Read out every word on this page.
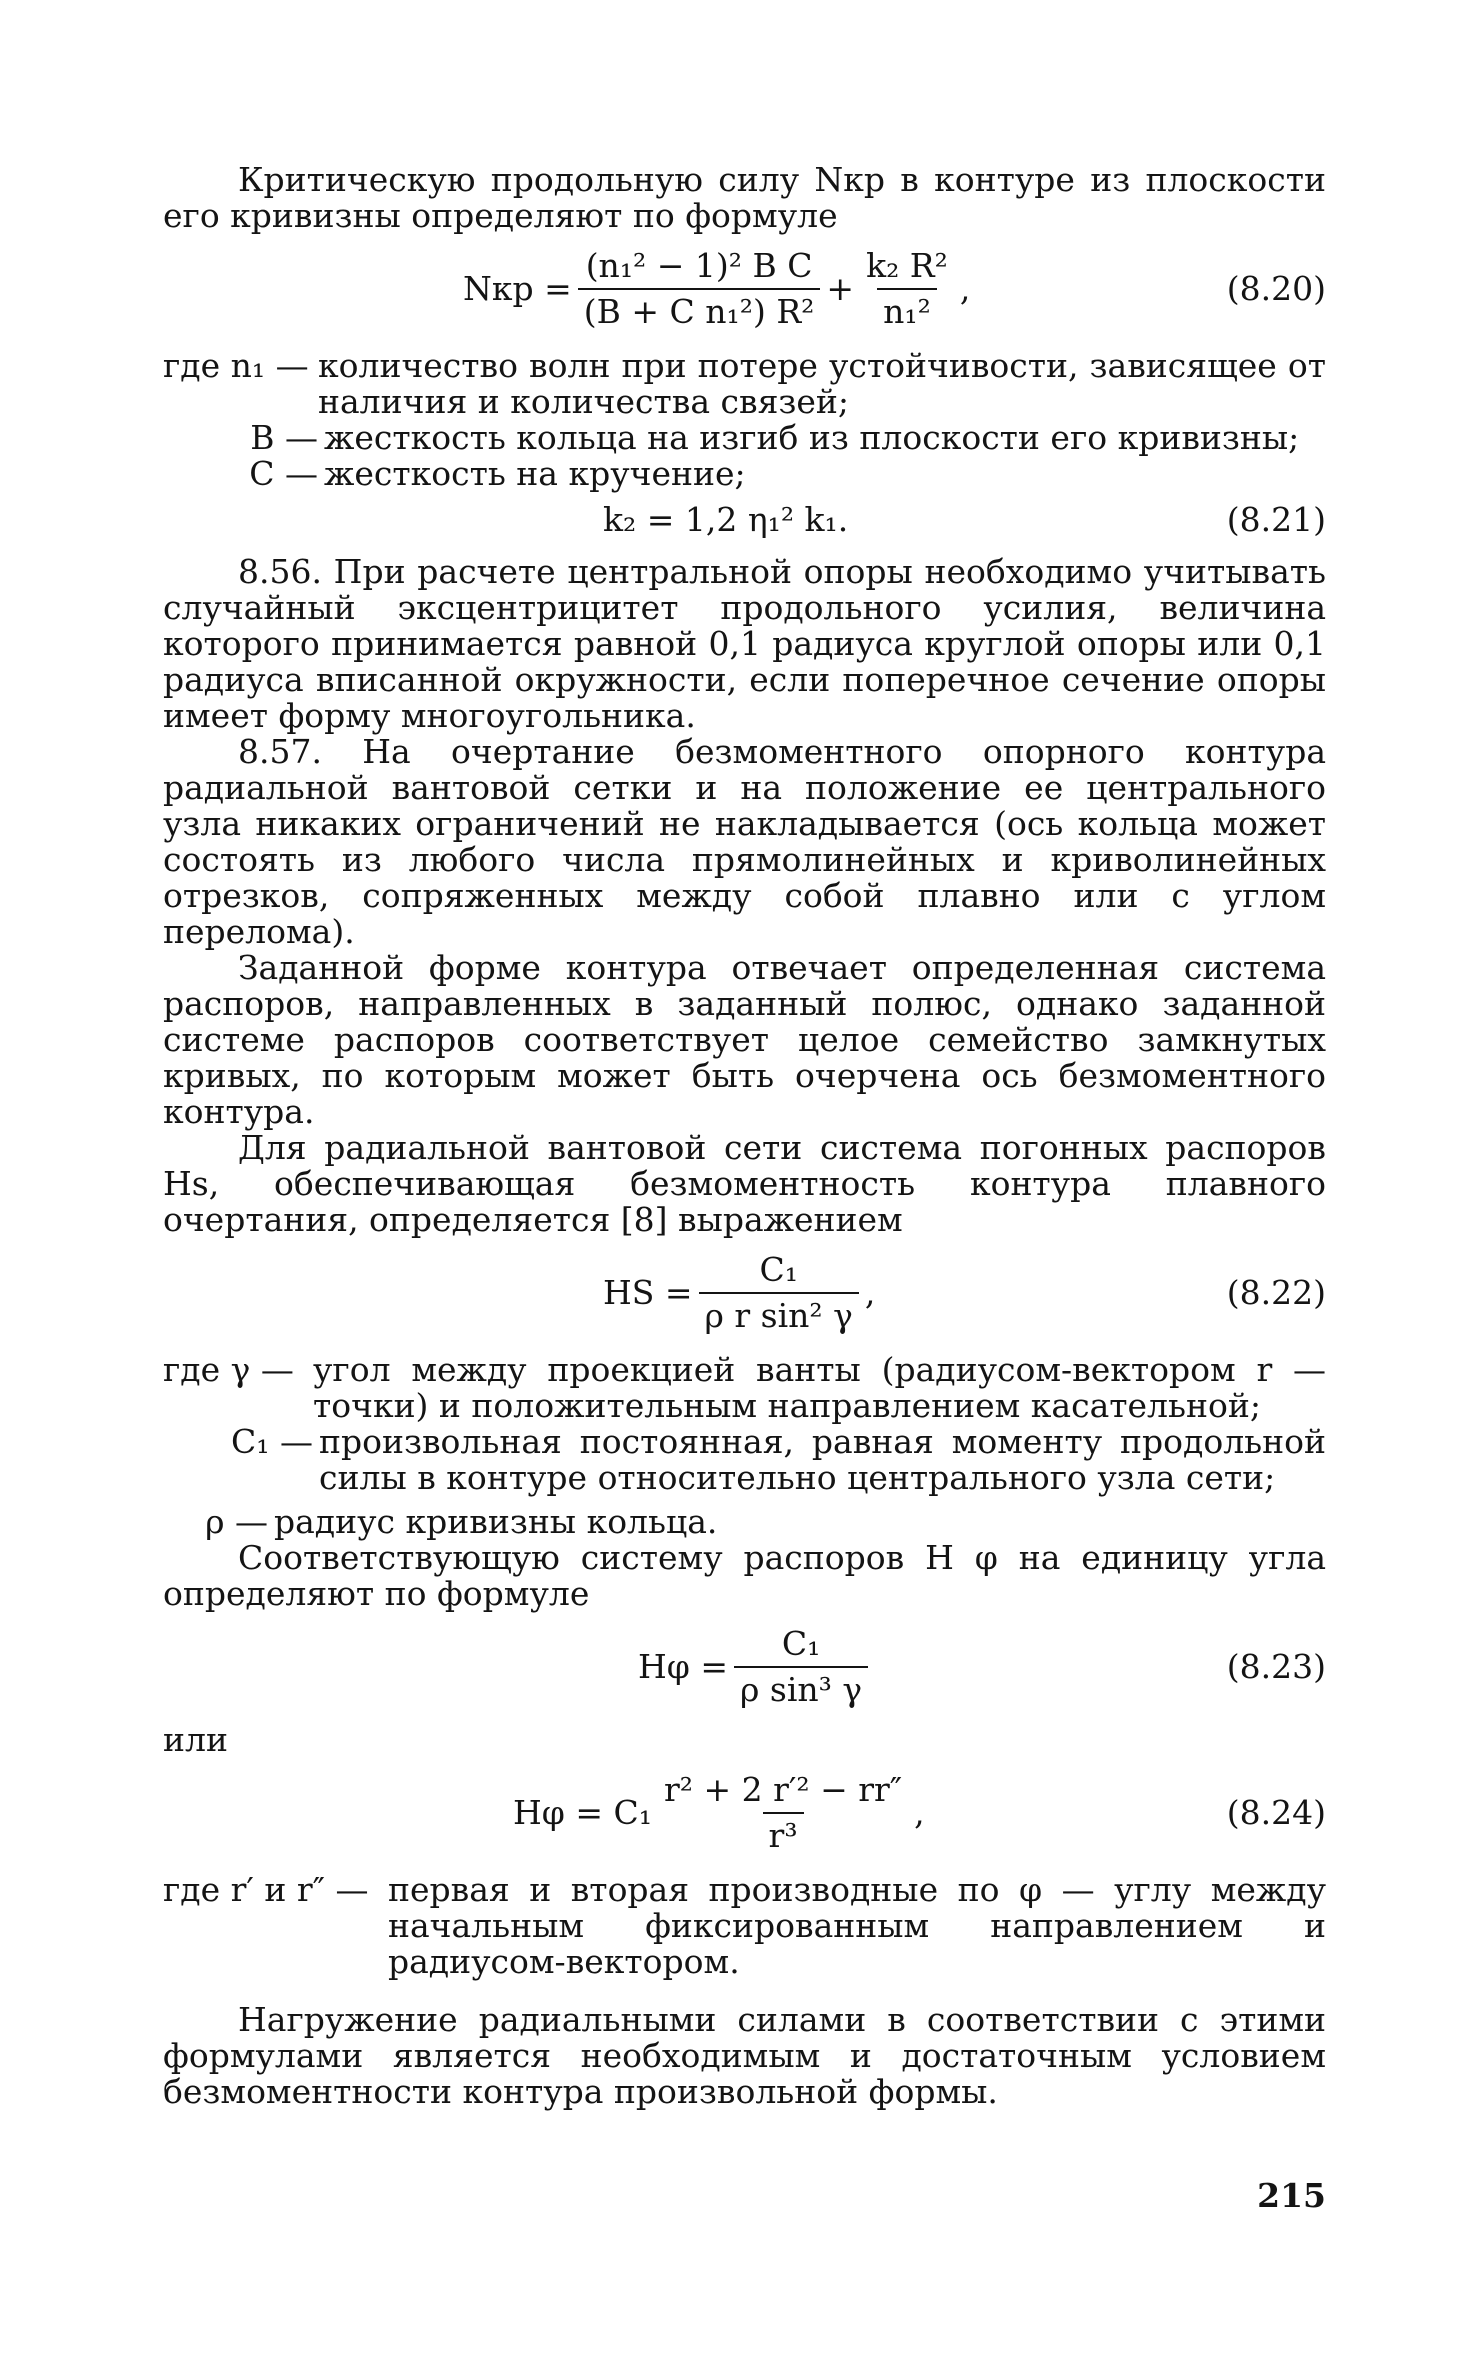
Критическую продольную силу Nкр в контуре из плоскости его кривизны определяют по формуле

Nкр = $\frac{\text{(n₁² − 1)² B C}}{\text{(B + C n₁²) R²}} + \frac{\text{k₂ R²}}{\text{n₁²}}$ ,	(8.20)
где n₁ — количество волн при потере устойчивости, зависящее от наличия и количества связей;
B — жесткость кольца на изгиб из плоскости его кривизны;
C — жесткость на кручение;
k₂ = 1,2 η₁² k₁.	(8.21)

8.56. При расчете центральной опоры необходимо учитывать случайный эксцентрицитет продольного усилия, величина которого принимается равной 0,1 радиуса круглой опоры или 0,1 радиуса вписанной окружности, если поперечное сечение опоры имеет форму многоугольника.

8.57. На очертание безмоментного опорного контура радиальной вантовой сетки и на положение ее центрального узла никаких ограничений не накладывается (ось кольца может состоять из любого числа прямолинейных и криволинейных отрезков, сопряженных между собой плавно или с углом перелома).

Заданной форме контура отвечает определенная система распоров, направленных в заданный полюс, однако заданной системе распоров соответствует целое семейство замкнутых кривых, по которым может быть очерчена ось безмоментного контура.

Для радиальной вантовой сети система погонных распоров Hs, обеспечивающая безмоментность контура плавного очертания, определяется [8] выражением

HS = $\frac{\text{C₁}}{\text{ρ r sin² γ}}$ ,	(8.22)
где γ — угол между проекцией ванты (радиусом-вектором r — точки) и положительным направлением касательной;
C₁ — произвольная постоянная, равная моменту продольной силы в контуре относительно центрального узла сети;
ρ — радиус кривизны кольца.

Соответствующую систему распоров H φ на единицу угла определяют по формуле

$H\varphi = \frac{\text{C₁}}{\text{ρ sin³ γ}}$	(8.23)

или

$H\varphi = C_1 \frac{\text{r² + 2 r′² − rr″}}{\text{r³}}$ ,	(8.24)
где r′ и r″ — первая и вторая производные по φ — углу между начальным фиксированным направлением и радиусом-вектором.

Нагружение радиальными силами в соответствии с этими формулами является необходимым и достаточным условием безмоментности контура произвольной формы.

215
